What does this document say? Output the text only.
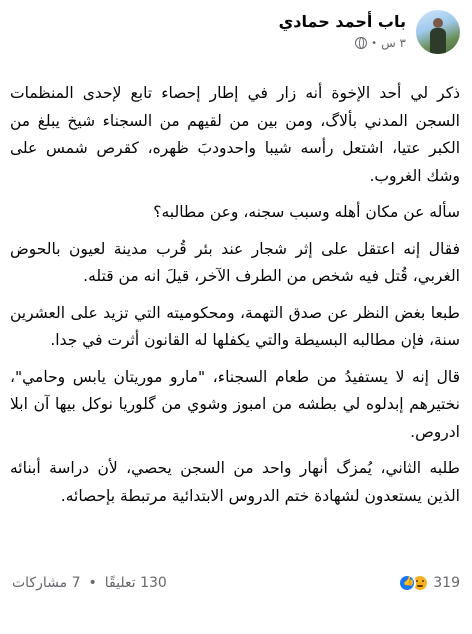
باب أحمد حمادي
٣ س
•

ذكر لي أحد الإخوة أنه زار في إطار إحصاء تابع لإحدى المنظمات السجن المدني بألاگ، ومن بين من لقيهم من السجناء شيخ يبلغ من الكبر عتيا، اشتعل رأسه شيبا واحدودبَ ظهره، كقرص شمس على وشك الغروب.

سأله عن مكان أهله وسبب سجنه، وعن مطالبه؟

فقال إنه اعتقل على إثر شجار عند بئر قُرب مدينة لعيون بالحوض الغربي، قُتل فيه شخص من الطرف الآخر، قيلَ انه من قتله.

طبعا بغض النظر عن صدق التهمة، ومحكوميته التي تزيد على العشرين سنة، فإن مطالبه البسيطة والتي يكفلها له القانون أثرت في جدا.

قال إنه لا يستفيدُ من طعام السجناء، "مارو موريتان يابس وحامي"، نختيرهم إبدلوه لي بطشه من امبوز وشوي من گلوريا نوكل بيها آن ابلا ادروص.

طلبه الثاني، يُمزگ أنهار واحد من السجن يحصي، لأن دراسة أبنائه الذين يستعدون لشهادة ختم الدروس الابتدائية مرتبطة بإحصائه.

319
👍
130 تعليقًا
•
7 مشاركات
